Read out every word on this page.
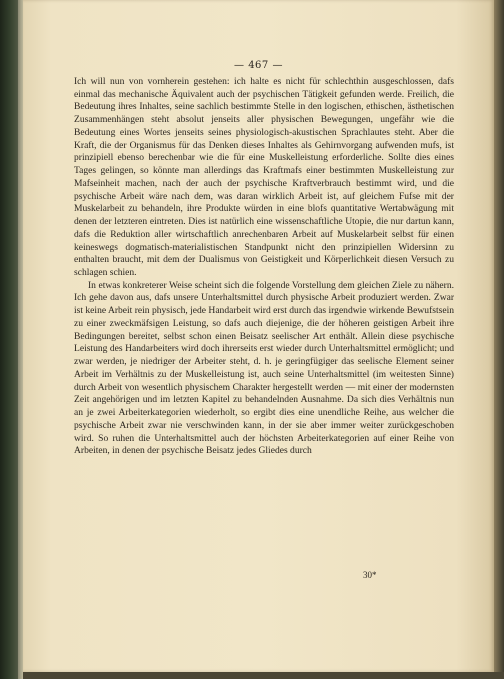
— 467 —

Ich will nun von vornherein gestehen: ich halte es nicht für schlechthin ausgeschlossen, dafs einmal das mechanische Äquivalent auch der psychischen Tätigkeit gefunden werde. Freilich, die Bedeutung ihres Inhaltes, seine sachlich bestimmte Stelle in den logischen, ethischen, ästhetischen Zusammenhängen steht absolut jenseits aller physischen Bewegungen, ungefähr wie die Bedeutung eines Wortes jenseits seines physiologisch-akustischen Sprachlautes steht. Aber die Kraft, die der Organismus für das Denken dieses Inhaltes als Gehirnvorgang aufwenden mufs, ist prinzipiell ebenso berechenbar wie die für eine Muskelleistung erforderliche. Sollte dies eines Tages gelingen, so könnte man allerdings das Kraftmafs einer bestimmten Muskelleistung zur Mafseinheit machen, nach der auch der psychische Kraftverbrauch bestimmt wird, und die psychische Arbeit wäre nach dem, was daran wirklich Arbeit ist, auf gleichem Fufse mit der Muskelarbeit zu behandeln, ihre Produkte würden in eine blofs quantitative Wertabwägung mit denen der letzteren eintreten. Dies ist natürlich eine wissenschaftliche Utopie, die nur dartun kann, dafs die Reduktion aller wirtschaftlich anrechenbaren Arbeit auf Muskelarbeit selbst für einen keineswegs dogmatisch-materialistischen Standpunkt nicht den prinzipiellen Widersinn zu enthalten braucht, mit dem der Dualismus von Geistigkeit und Körperlichkeit diesen Versuch zu schlagen schien.

In etwas konkreterer Weise scheint sich die folgende Vorstellung dem gleichen Ziele zu nähern. Ich gehe davon aus, dafs unsere Unterhaltsmittel durch physische Arbeit produziert werden. Zwar ist keine Arbeit rein physisch, jede Handarbeit wird erst durch das irgendwie wirkende Bewufstsein zu einer zweckmäfsigen Leistung, so dafs auch diejenige, die der höheren geistigen Arbeit ihre Bedingungen bereitet, selbst schon einen Beisatz seelischer Art enthält. Allein diese psychische Leistung des Handarbeiters wird doch ihrerseits erst wieder durch Unterhaltsmittel ermöglicht; und zwar werden, je niedriger der Arbeiter steht, d. h. je geringfügiger das seelische Element seiner Arbeit im Verhältnis zu der Muskelleistung ist, auch seine Unterhaltsmittel (im weitesten Sinne) durch Arbeit von wesentlich physischem Charakter hergestellt werden — mit einer der modernsten Zeit angehörigen und im letzten Kapitel zu behandelnden Ausnahme. Da sich dies Verhältnis nun an je zwei Arbeiterkategorien wiederholt, so ergibt dies eine unendliche Reihe, aus welcher die psychische Arbeit zwar nie verschwinden kann, in der sie aber immer weiter zurückgeschoben wird. So ruhen die Unterhaltsmittel auch der höchsten Arbeiterkategorien auf einer Reihe von Arbeiten, in denen der psychische Beisatz jedes Gliedes durch

30*
